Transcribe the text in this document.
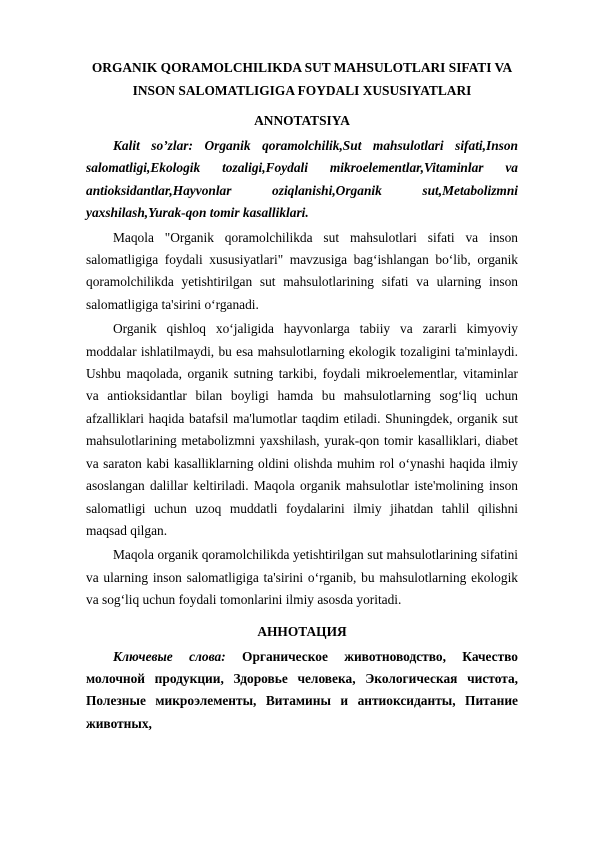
ORGANIK QORAMOLCHILIKDA SUT MAHSULOTLARI SIFATI VA

INSON SALOMATLIGIGA FOYDALI XUSUSIYATLARI

ANNOTATSIYA

Kalit so’zlar: Organik qoramolchilik,Sut mahsulotlari sifati,Inson salomatligi,Ekologik tozaligi,Foydali mikroelementlar,Vitaminlar va antioksidantlar,Hayvonlar oziqlanishi,Organik sut,Metabolizmni yaxshilash,Yurak-qon tomir kasalliklari.

Maqola "Organik qoramolchilikda sut mahsulotlari sifati va inson salomatligiga foydali xususiyatlari" mavzusiga bag‘ishlangan bo‘lib, organik qoramolchilikda yetishtirilgan sut mahsulotlarining sifati va ularning inson salomatligiga ta'sirini o‘rganadi.

Organik qishloq xo‘jaligida hayvonlarga tabiiy va zararli kimyoviy moddalar ishlatilmaydi, bu esa mahsulotlarning ekologik tozaligini ta'minlaydi. Ushbu maqolada, organik sutning tarkibi, foydali mikroelementlar, vitaminlar va antioksidantlar bilan boyligi hamda bu mahsulotlarning sog‘liq uchun afzalliklari haqida batafsil ma'lumotlar taqdim etiladi. Shuningdek, organik sut mahsulotlarining metabolizmni yaxshilash, yurak-qon tomir kasalliklari, diabet va saraton kabi kasalliklarning oldini olishda muhim rol o‘ynashi haqida ilmiy asoslangan dalillar keltiriladi. Maqola organik mahsulotlar iste'molining inson salomatligi uchun uzoq muddatli foydalarini ilmiy jihatdan tahlil qilishni maqsad qilgan.

Maqola organik qoramolchilikda yetishtirilgan sut mahsulotlarining sifatini va ularning inson salomatligiga ta'sirini o‘rganib, bu mahsulotlarning ekologik va sog‘liq uchun foydali tomonlarini ilmiy asosda yoritadi.

АННОТАЦИЯ

Ключевые слова: Органическое животноводство, Качество молочной продукции, Здоровье человека, Экологическая чистота, Полезные микроэлементы, Витамины и антиоксиданты, Питание животных,
